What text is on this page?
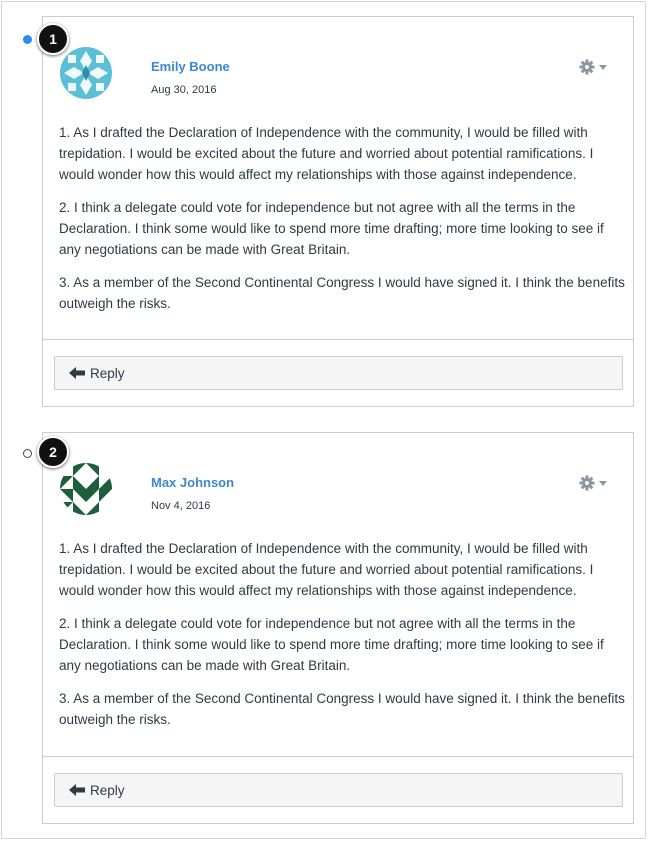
Emily Boone
Aug 30, 2016

1. As I drafted the Declaration of Independence with the community, I would be filled with trepidation. I would be excited about the future and worried about potential ramifications. I would wonder how this would affect my relationships with those against independence.

2. I think a delegate could vote for independence but not agree with all the terms in the Declaration. I think some would like to spend more time drafting; more time looking to see if any negotiations can be made with Great Britain.

3. As a member of the Second Continental Congress I would have signed it. I think the benefits outweigh the risks.

Reply
1
Max Johnson
Nov 4, 2016

1. As I drafted the Declaration of Independence with the community, I would be filled with trepidation. I would be excited about the future and worried about potential ramifications. I would wonder how this would affect my relationships with those against independence.

2. I think a delegate could vote for independence but not agree with all the terms in the Declaration. I think some would like to spend more time drafting; more time looking to see if any negotiations can be made with Great Britain.

3. As a member of the Second Continental Congress I would have signed it. I think the benefits outweigh the risks.

Reply
2
